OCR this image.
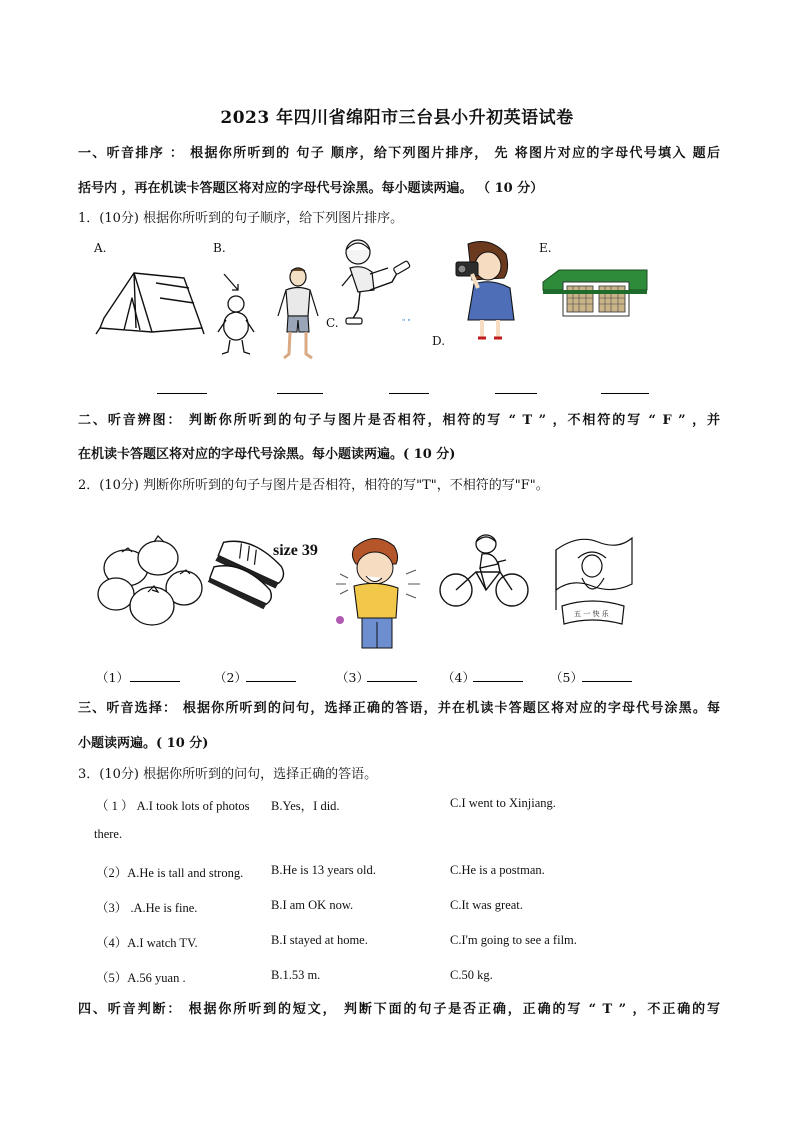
2023 年四川省绵阳市三台县小升初英语试卷
一、听音排序 ： 根据你所听到的 句子 顺序，给下列图片排序， 先 将图片对应的字母代号填入 题后
括号内 ，再在机读卡答题区将对应的字母代号涂黑。每小题读两遍。 （ 10 分）
1．(10分) 根据你所听到的句子顺序，给下列图片排序。
A.	B.
C.
D.
E.
" "
二、听音辨图： 判断你所听到的句子与图片是否相符，相符的写 “ T ” ，不相符的写 “ F ” ，并
在机读卡答题区将对应的字母代号涂黑。每小题读两遍。( 10 分)
2．(10分) 判断你所听到的句子与图片是否相符，相符的写"T"，不相符的写"F"。
size 39
五 一 快 乐
（1）	（2）	（3）	（4）	（5）
三、听音选择： 根据你所听到的问句，选择正确的答语，并在机读卡答题区将对应的字母代号涂黑。每
小题读两遍。( 10 分)
3．(10分) 根据你所听到的问句，选择正确的答语。
（ 1 ） A.I took lots of photos B.Yes，I did.	C.I went to Xinjiang.
there.
（2）A.He is tall and strong. B.He is 13 years old.	C.He is a postman.
（3） .A.He is fine.	B.I am OK now.	C.It was great.
（4）A.I watch TV.	B.I stayed at home.	C.I'm going to see a film.
（5）A.56 yuan .	B.1.53 m.	C.50 kg.
四、听音判断： 根据你所听到的短文， 判断下面的句子是否正确，正确的写 “ T ” ，不正确的写
